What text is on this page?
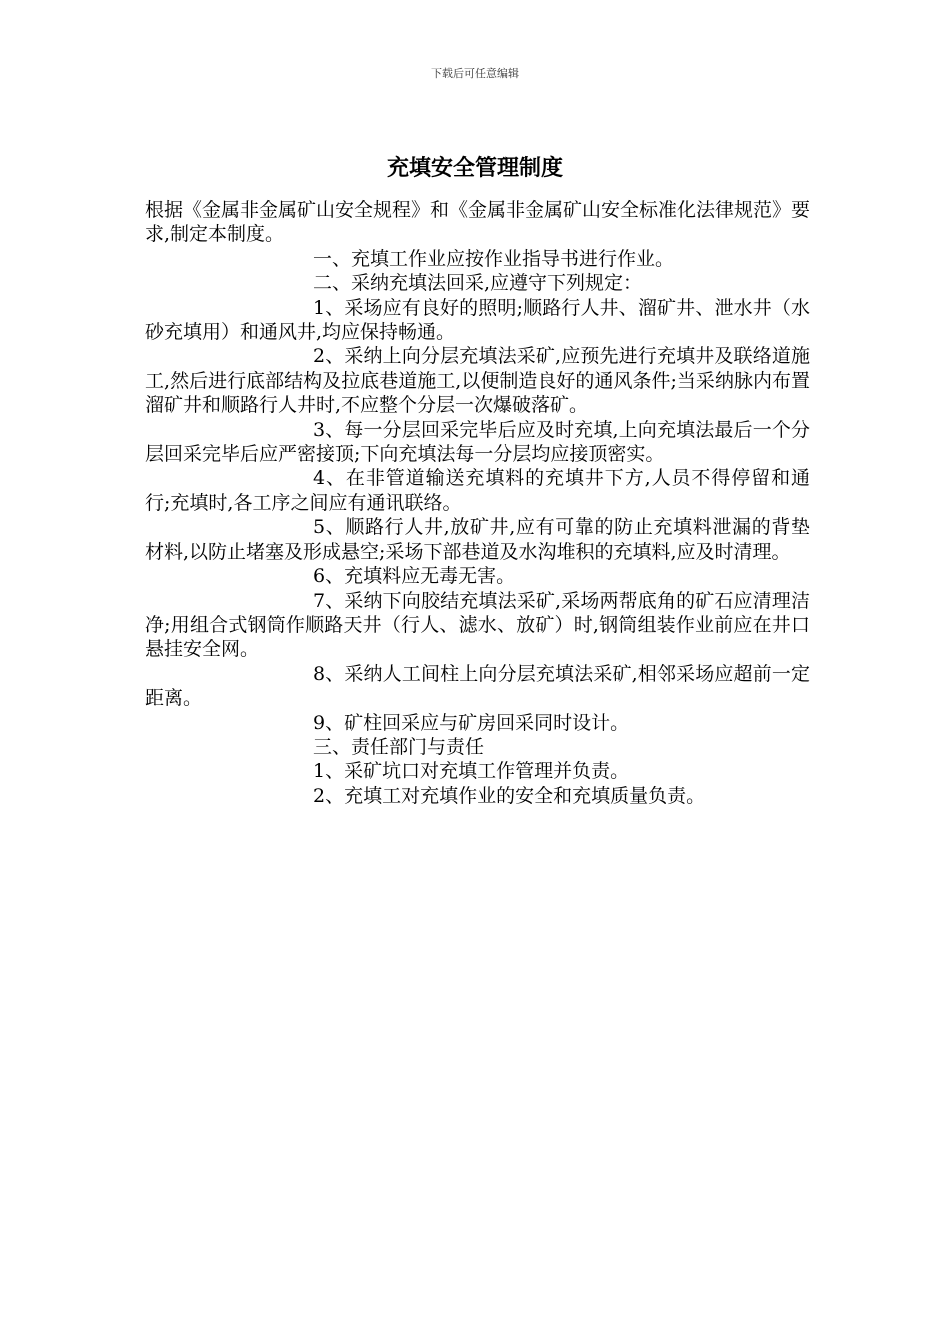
下载后可任意编辑
充填安全管理制度

根据《金属非金属矿山安全规程》和《金属非金属矿山安全标准化法律规范》要求,制定本制度。

一、充填工作业应按作业指导书进行作业。

二、采纳充填法回采,应遵守下列规定：

1、采场应有良好的照明;顺路行人井、溜矿井、泄水井（水砂充填用）和通风井,均应保持畅通。

2、采纳上向分层充填法采矿,应预先进行充填井及联络道施工,然后进行底部结构及拉底巷道施工,以便制造良好的通风条件;当采纳脉内布置溜矿井和顺路行人井时,不应整个分层一次爆破落矿。

3、每一分层回采完毕后应及时充填,上向充填法最后一个分层回采完毕后应严密接顶;下向充填法每一分层均应接顶密实。

4、在非管道输送充填料的充填井下方,人员不得停留和通行;充填时,各工序之间应有通讯联络。

5、顺路行人井,放矿井,应有可靠的防止充填料泄漏的背垫材料,以防止堵塞及形成悬空;采场下部巷道及水沟堆积的充填料,应及时清理。

6、充填料应无毒无害。

7、采纳下向胶结充填法采矿,采场两帮底角的矿石应清理洁净;用组合式钢筒作顺路天井（行人、滤水、放矿）时,钢筒组装作业前应在井口悬挂安全网。

8、采纳人工间柱上向分层充填法采矿,相邻采场应超前一定距离。

9、矿柱回采应与矿房回采同时设计。

三、责任部门与责任

1、采矿坑口对充填工作管理并负责。

2、充填工对充填作业的安全和充填质量负责。
